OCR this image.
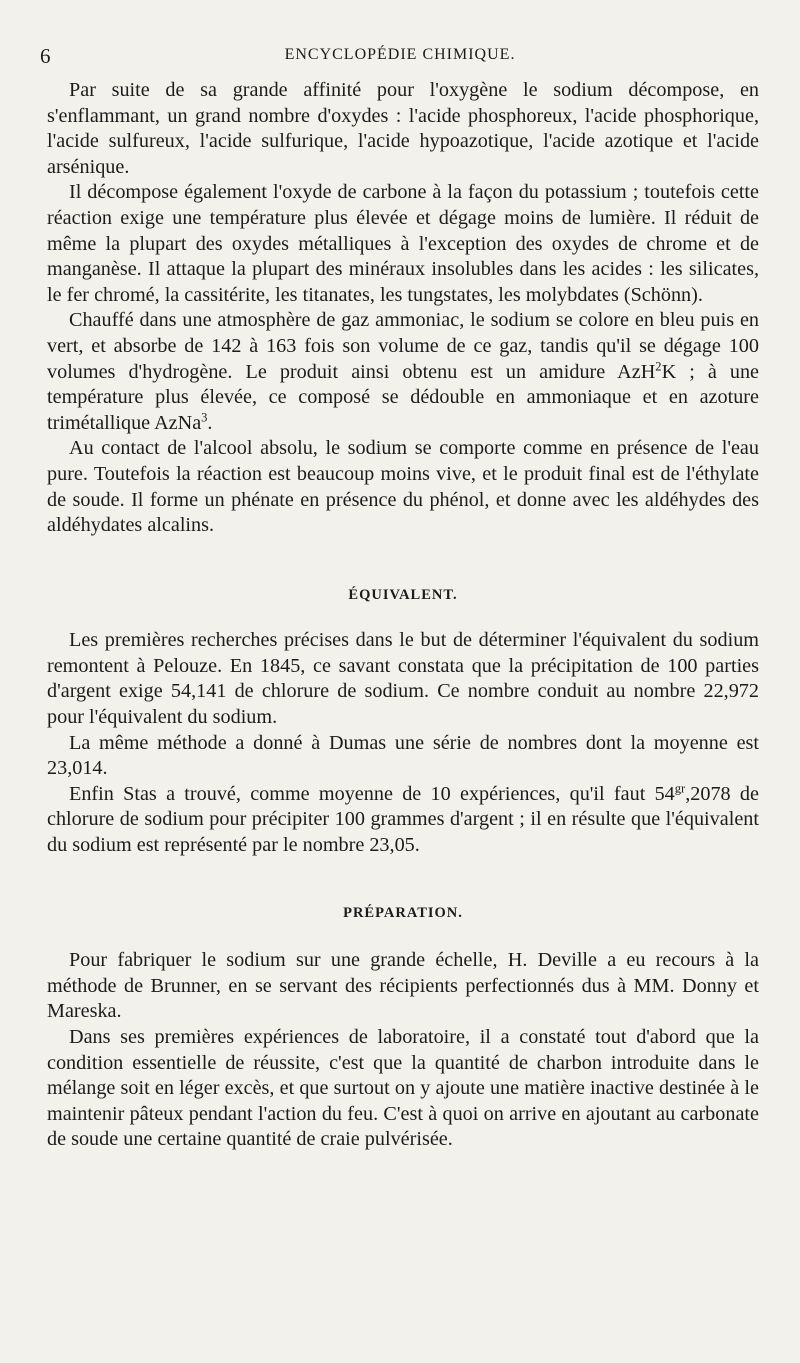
6	ENCYCLOPÉDIE CHIMIQUE.

Par suite de sa grande affinité pour l'oxygène le sodium décompose, en s'enflammant, un grand nombre d'oxydes : l'acide phosphoreux, l'acide phosphorique, l'acide sulfureux, l'acide sulfurique, l'acide hypoazotique, l'acide azotique et l'acide arsénique.

Il décompose également l'oxyde de carbone à la façon du potassium ; toutefois cette réaction exige une température plus élevée et dégage moins de lumière. Il réduit de même la plupart des oxydes métalliques à l'exception des oxydes de chrome et de manganèse. Il attaque la plupart des minéraux insolubles dans les acides : les silicates, le fer chromé, la cassitérite, les titanates, les tungstates, les molybdates (Schönn).

Chauffé dans une atmosphère de gaz ammoniac, le sodium se colore en bleu puis en vert, et absorbe de 142 à 163 fois son volume de ce gaz, tandis qu'il se dégage 100 volumes d'hydrogène. Le produit ainsi obtenu est un amidure AzH$^2$K ; à une température plus élevée, ce composé se dédouble en ammoniaque et en azoture trimétallique AzNa$^3$.

Au contact de l'alcool absolu, le sodium se comporte comme en présence de l'eau pure. Toutefois la réaction est beaucoup moins vive, et le produit final est de l'éthylate de soude. Il forme un phénate en présence du phénol, et donne avec les aldéhydes des aldéhydates alcalins.

ÉQUIVALENT.

Les premières recherches précises dans le but de déterminer l'équivalent du sodium remontent à Pelouze. En 1845, ce savant constata que la précipitation de 100 parties d'argent exige 54,141 de chlorure de sodium. Ce nombre conduit au nombre 22,972 pour l'équivalent du sodium.

La même méthode a donné à Dumas une série de nombres dont la moyenne est 23,014.

Enfin Stas a trouvé, comme moyenne de 10 expériences, qu'il faut $54^{gr},2078$ de chlorure de sodium pour précipiter 100 grammes d'argent ; il en résulte que l'équivalent du sodium est représenté par le nombre 23,05.

PRÉPARATION.

Pour fabriquer le sodium sur une grande échelle, H. Deville a eu recours à la méthode de Brunner, en se servant des récipients perfectionnés dus à MM. Donny et Mareska.

Dans ses premières expériences de laboratoire, il a constaté tout d'abord que la condition essentielle de réussite, c'est que la quantité de charbon introduite dans le mélange soit en léger excès, et que surtout on y ajoute une matière inactive destinée à le maintenir pâteux pendant l'action du feu. C'est à quoi on arrive en ajoutant au carbonate de soude une certaine quantité de craie pulvérisée.
